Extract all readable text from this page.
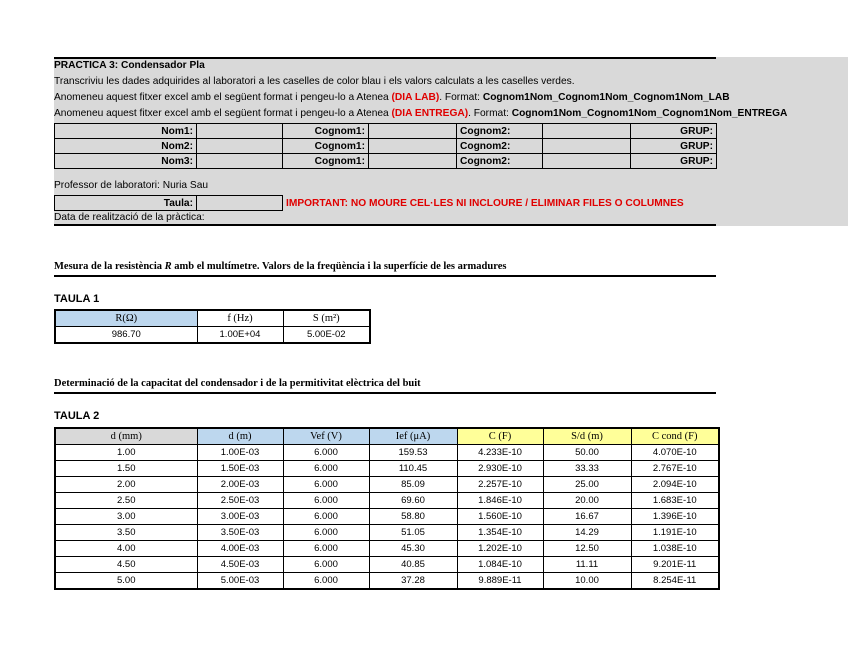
PRACTICA 3: Condensador Pla
Transcriviu les dades adquirides al laboratori a les caselles de color blau i els valors calculats a les caselles verdes.
Anomeneu aquest fitxer excel amb el següent format i pengeu-lo a Atenea (DIA LAB). Format: Cognom1Nom_Cognom1Nom_Cognom1Nom_LAB
Anomeneu aquest fitxer excel amb el següent format i pengeu-lo a Atenea (DIA ENTREGA). Format: Cognom1Nom_Cognom1Nom_Cognom1Nom_ENTREGA
Nom1:		Cognom1:		Cognom2:		GRUP:
Nom2:		Cognom1:		Cognom2:		GRUP:
Nom3:		Cognom1:		Cognom2:		GRUP:
Professor de laboratori: Nuria Sau
Taula:		IMPORTANT: NO MOURE CEL·LES NI INCLOURE / ELIMINAR FILES O COLUMNES
Data de realització de la pràctica:
Mesura de la resistència R amb el multímetre. Valors de la freqüència i la superfície de les armadures
TAULA 1
R(Ω)	f (Hz)	S (m²)
986.70	1.00E+04	5.00E-02
Determinació de la capacitat del condensador i de la permitivitat elèctrica del buit
TAULA 2
d (mm)	d (m)	Vef (V)	Ief (μA)	C (F)	S/d (m)	C cond (F)
1.00	1.00E-03	6.000	159.53	4.233E-10	50.00	4.070E-10
1.50	1.50E-03	6.000	110.45	2.930E-10	33.33	2.767E-10
2.00	2.00E-03	6.000	85.09	2.257E-10	25.00	2.094E-10
2.50	2.50E-03	6.000	69.60	1.846E-10	20.00	1.683E-10
3.00	3.00E-03	6.000	58.80	1.560E-10	16.67	1.396E-10
3.50	3.50E-03	6.000	51.05	1.354E-10	14.29	1.191E-10
4.00	4.00E-03	6.000	45.30	1.202E-10	12.50	1.038E-10
4.50	4.50E-03	6.000	40.85	1.084E-10	11.11	9.201E-11
5.00	5.00E-03	6.000	37.28	9.889E-11	10.00	8.254E-11
